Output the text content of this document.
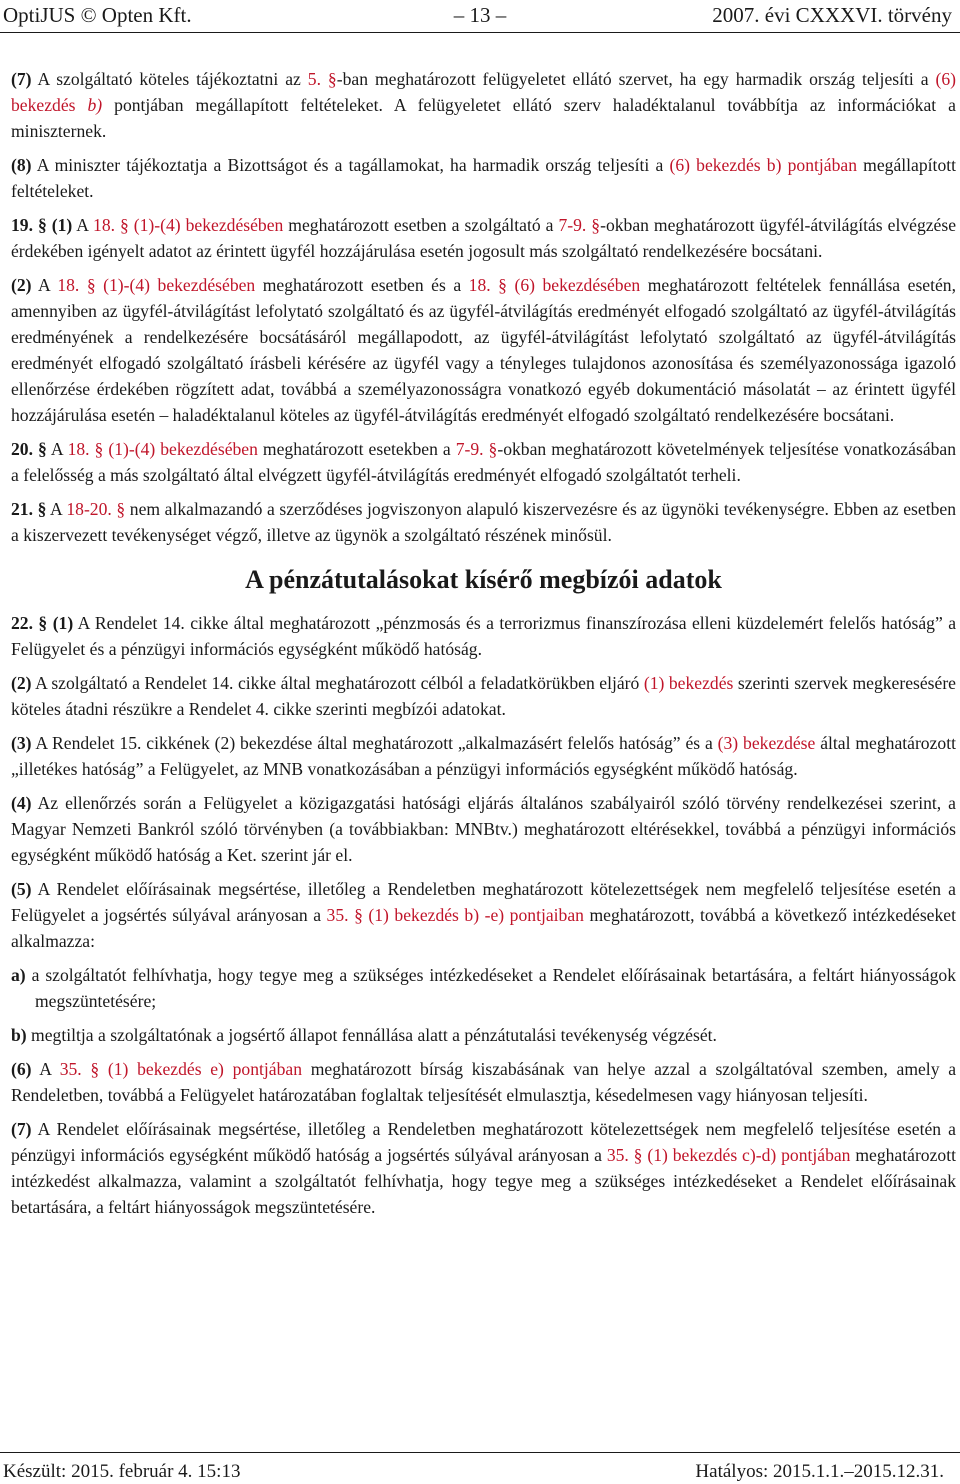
OptiJUS © Opten Kft.	– 13 –	2007. évi CXXXVI. törvény

(7) A szolgáltató köteles tájékoztatni az 5. §-ban meghatározott felügyeletet ellátó szervet, ha egy harmadik ország teljesíti a (6) bekezdés b) pontjában megállapított feltételeket. A felügyeletet ellátó szerv haladéktalanul továbbítja az információkat a miniszternek.

(8) A miniszter tájékoztatja a Bizottságot és a tagállamokat, ha harmadik ország teljesíti a (6) bekezdés b) pontjában megállapított feltételeket.

19. § (1) A 18. § (1)-(4) bekezdésében meghatározott esetben a szolgáltató a 7-9. §-okban meghatározott ügyfél-átvilágítás elvégzése érdekében igényelt adatot az érintett ügyfél hozzájárulása esetén jogosult más szolgáltató rendelkezésére bocsátani.

(2) A 18. § (1)-(4) bekezdésében meghatározott esetben és a 18. § (6) bekezdésében meghatározott feltételek fennállása esetén, amennyiben az ügyfél-átvilágítást lefolytató szolgáltató és az ügyfél-átvilágítás eredményét elfogadó szolgáltató az ügyfél-átvilágítás eredményének a rendelkezésére bocsátásáról megállapodott, az ügyfél-átvilágítást lefolytató szolgáltató az ügyfél-átvilágítás eredményét elfogadó szolgáltató írásbeli kérésére az ügyfél vagy a tényleges tulajdonos azonosítása és személyazonossága igazoló ellenőrzése érdekében rögzített adat, továbbá a személyazonosságra vonatkozó egyéb dokumentáció másolatát – az érintett ügyfél hozzájárulása esetén – haladéktalanul köteles az ügyfél-átvilágítás eredményét elfogadó szolgáltató rendelkezésére bocsátani.

20. § A 18. § (1)-(4) bekezdésében meghatározott esetekben a 7-9. §-okban meghatározott követelmények teljesítése vonatkozásában a felelősség a más szolgáltató által elvégzett ügyfél-átvilágítás eredményét elfogadó szolgáltatót terheli.

21. § A 18-20. § nem alkalmazandó a szerződéses jogviszonyon alapuló kiszervezésre és az ügynöki tevékenységre. Ebben az esetben a kiszervezett tevékenységet végző, illetve az ügynök a szolgáltató részének minősül.

A pénzátutalásokat kísérő megbízói adatok

22. § (1) A Rendelet 14. cikke által meghatározott „pénzmosás és a terrorizmus finanszírozása elleni küzdelemért felelős hatóság” a Felügyelet és a pénzügyi információs egységként működő hatóság.

(2) A szolgáltató a Rendelet 14. cikke által meghatározott célból a feladatkörükben eljáró (1) bekezdés szerinti szervek megkeresésére köteles átadni részükre a Rendelet 4. cikke szerinti megbízói adatokat.

(3) A Rendelet 15. cikkének (2) bekezdése által meghatározott „alkalmazásért felelős hatóság” és a (3) bekezdése által meghatározott „illetékes hatóság” a Felügyelet, az MNB vonatkozásában a pénzügyi információs egységként működő hatóság.

(4) Az ellenőrzés során a Felügyelet a közigazgatási hatósági eljárás általános szabályairól szóló törvény rendelkezései szerint, a Magyar Nemzeti Bankról szóló törvényben (a továbbiakban: MNBtv.) meghatározott eltérésekkel, továbbá a pénzügyi információs egységként működő hatóság a Ket. szerint jár el.

(5) A Rendelet előírásainak megsértése, illetőleg a Rendeletben meghatározott kötelezettségek nem megfelelő teljesítése esetén a Felügyelet a jogsértés súlyával arányosan a 35. § (1) bekezdés b) -e) pontjaiban meghatározott, továbbá a következő intézkedéseket alkalmazza:

a) a szolgáltatót felhívhatja, hogy tegye meg a szükséges intézkedéseket a Rendelet előírásainak betartására, a feltárt hiányosságok megszüntetésére;

b) megtiltja a szolgáltatónak a jogsértő állapot fennállása alatt a pénzátutalási tevékenység végzését.

(6) A 35. § (1) bekezdés e) pontjában meghatározott bírság kiszabásának van helye azzal a szolgáltatóval szemben, amely a Rendeletben, továbbá a Felügyelet határozatában foglaltak teljesítését elmulasztja, késedelmesen vagy hiányosan teljesíti.

(7) A Rendelet előírásainak megsértése, illetőleg a Rendeletben meghatározott kötelezettségek nem megfelelő teljesítése esetén a pénzügyi információs egységként működő hatóság a jogsértés súlyával arányosan a 35. § (1) bekezdés c)-d) pontjában meghatározott intézkedést alkalmazza, valamint a szolgáltatót felhívhatja, hogy tegye meg a szükséges intézkedéseket a Rendelet előírásainak betartására, a feltárt hiányosságok megszüntetésére.

Készült: 2015. február 4. 15:13	Hatályos: 2015.1.1.–2015.12.31.
